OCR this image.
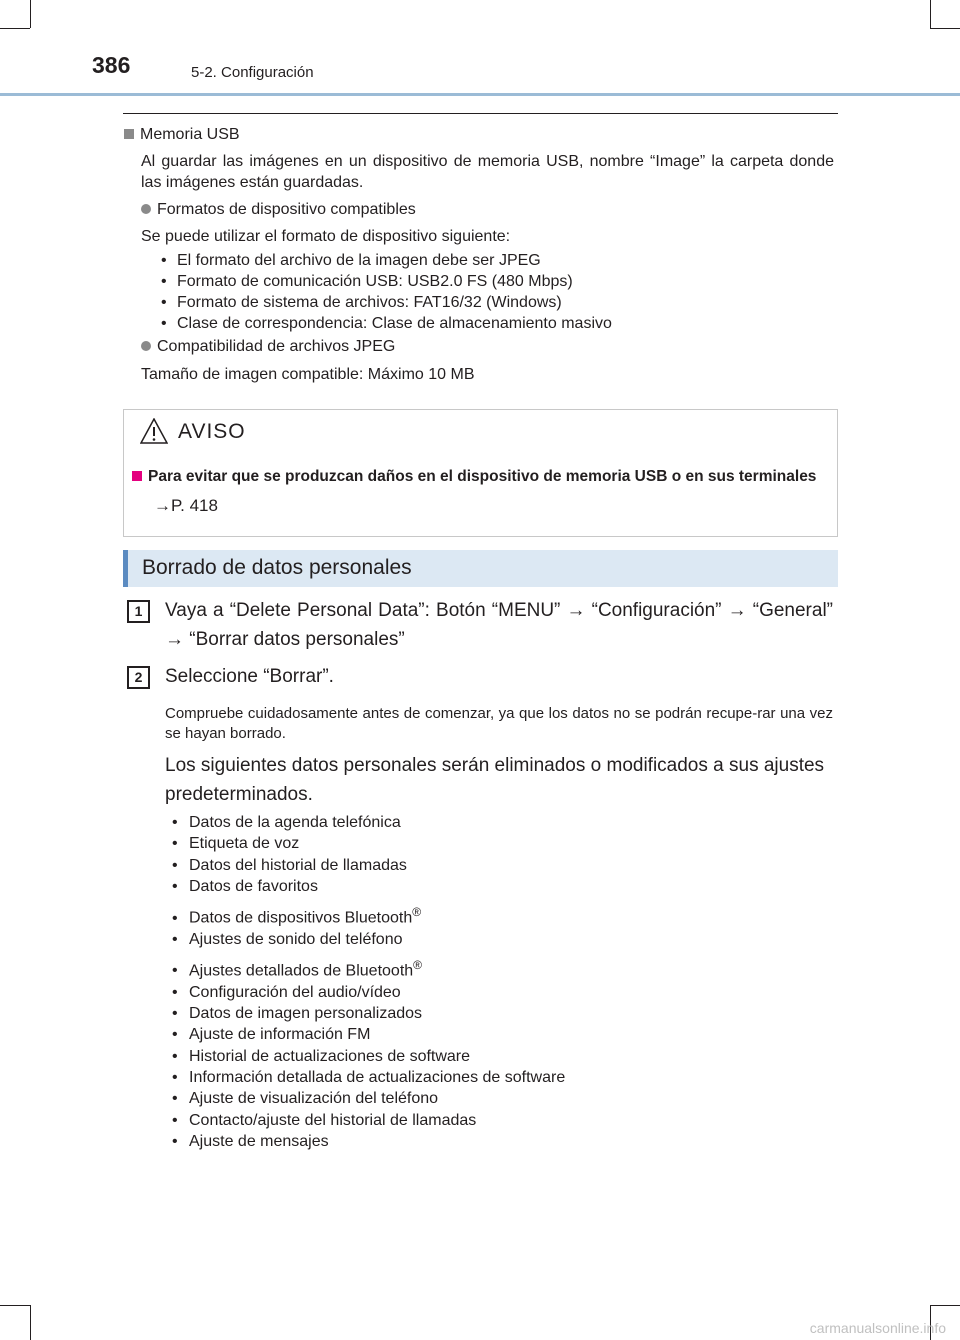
386	5-2. Configuración
Memoria USB
Al guardar las imágenes en un dispositivo de memoria USB, nombre “Image” la carpeta donde las imágenes están guardadas.
Formatos de dispositivo compatibles
Se puede utilizar el formato de dispositivo siguiente:
• El formato del archivo de la imagen debe ser JPEG
• Formato de comunicación USB: USB2.0 FS (480 Mbps)
• Formato de sistema de archivos: FAT16/32 (Windows)
• Clase de correspondencia: Clase de almacenamiento masivo
Compatibilidad de archivos JPEG
Tamaño de imagen compatible: Máximo 10 MB
AVISO
Para evitar que se produzcan daños en el dispositivo de memoria USB o en sus terminales
→P. 418
Borrado de datos personales
1	Vaya a “Delete Personal Data”: Botón “MENU” → “Configuración” → “General” → “Borrar datos personales”
2	Seleccione “Borrar”.
Compruebe cuidadosamente antes de comenzar, ya que los datos no se podrán recupe-rar una vez se hayan borrado.
Los siguientes datos personales serán eliminados o modificados a sus ajustes predeterminados.
• Datos de la agenda telefónica
• Etiqueta de voz
• Datos del historial de llamadas
• Datos de favoritos
• Datos de dispositivos Bluetooth®
• Ajustes de sonido del teléfono
• Ajustes detallados de Bluetooth®
• Configuración del audio/vídeo
• Datos de imagen personalizados
• Ajuste de información FM
• Historial de actualizaciones de software
• Información detallada de actualizaciones de software
• Ajuste de visualización del teléfono
• Contacto/ajuste del historial de llamadas
• Ajuste de mensajes
carmanualsonline.info
